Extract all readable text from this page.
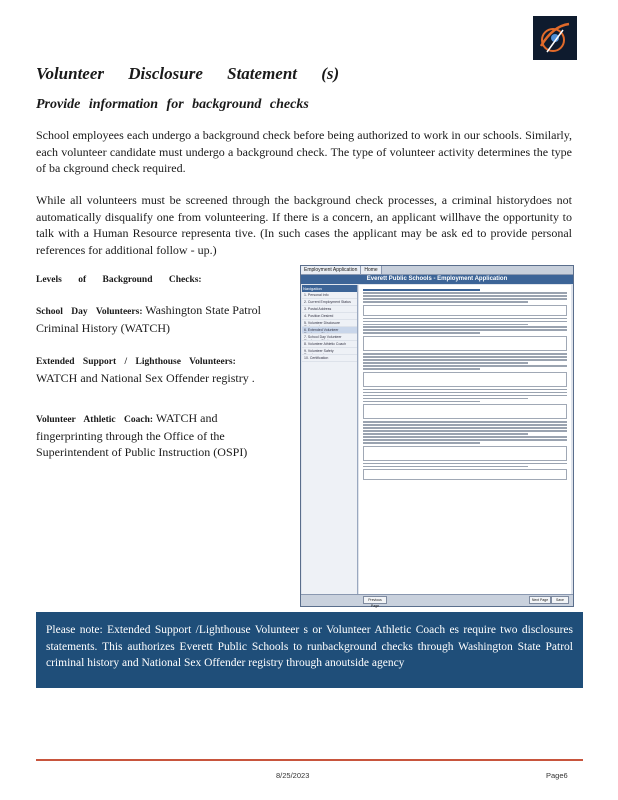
Volunteer Disclosure Statement (s)
Provide information for background checks

School employees each undergo a background check before being authorized to work in our schools. Similarly, each volunteer candidate must undergo a background check. The type of volunteer activity determines the type of ba ckground check required.

While all volunteers must be screened through the background check processes, a criminal historydoes not automatically disqualify one from volunteering. If there is a concern, an applicant willhave the opportunity to talk with a Human Resource representa tive. (In such cases the applicant may be ask ed to provide personal references for additional follow - up.)

Levels of Background Checks:
School Day Volunteers: Washington State Patrol Criminal History (WATCH)
Extended Support / Lighthouse Volunteers: WATCH and National Sex Offender registry .
Volunteer Athletic Coach: WATCH and fingerprinting through the Office of the Superintendent of Public Instruction (OSPI)
Employment Application	Home
Everett Public Schools - Employment Application
Navigation
1. Personal Info
2. Current Employment Status
3. Postal Address
4. Position Desired
5. Volunteer Disclosure Statement
6. Extended Volunteer Disclosure Stmt
7. School Day Volunteer Disclosure Stmt
8. Volunteer Athletic Coach
9. Volunteer Safety Requirements
10. Certification
Previous Page
Next Page	Save
Please note: Extended Support /Lighthouse Volunteer s or Volunteer Athletic Coach es require two disclosures statements. This authorizes Everett Public Schools to runbackground checks through Washington State Patrol criminal history and National Sex Offender registry through anoutside agency
8/25/2023	Page6
